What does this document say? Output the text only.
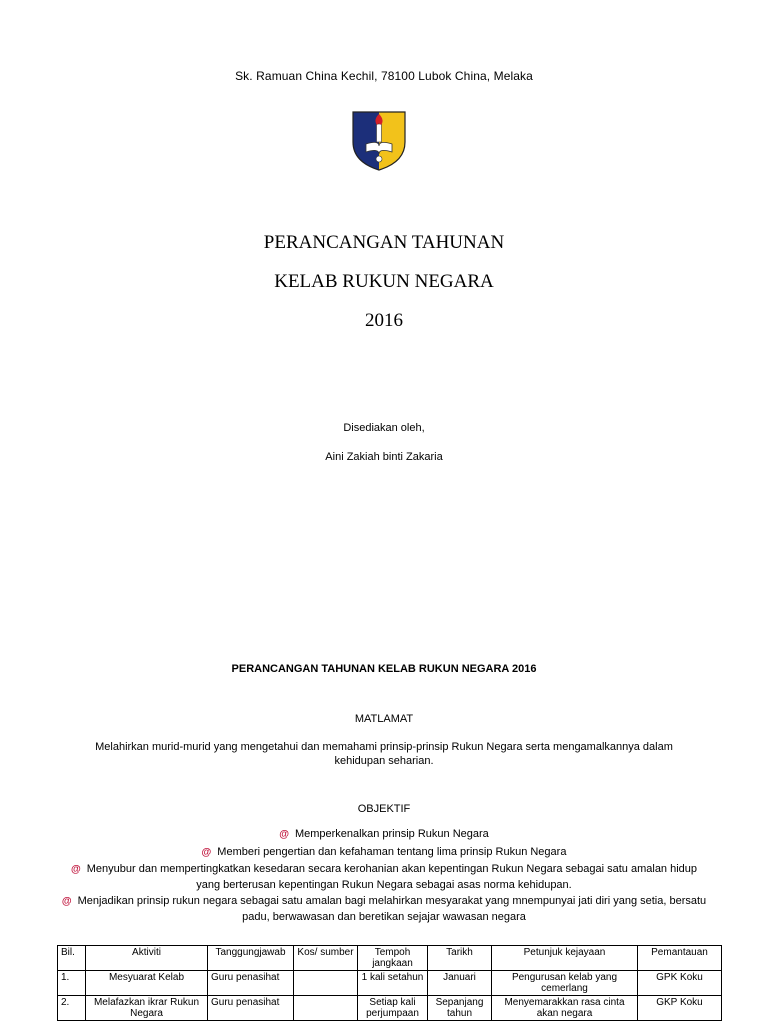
Sk. Ramuan China Kechil, 78100 Lubok China, Melaka
PERANCANGAN TAHUNAN
KELAB RUKUN NEGARA
2016
Disediakan oleh,
Aini Zakiah binti Zakaria
PERANCANGAN TAHUNAN KELAB RUKUN NEGARA 2016
MATLAMAT
Melahirkan murid-murid yang mengetahui dan memahami prinsip-prinsip Rukun Negara serta mengamalkannya dalam kehidupan seharian.
OBJEKTIF
@ Memperkenalkan prinsip Rukun Negara
@ Memberi pengertian dan kefahaman tentang lima prinsip Rukun Negara
@ Menyubur dan mempertingkatkan kesedaran secara kerohanian akan kepentingan Rukun Negara sebagai satu amalan hidup yang berterusan kepentingan Rukun Negara sebagai asas norma kehidupan.
@ Menjadikan prinsip rukun negara sebagai satu amalan bagi melahirkan mesyarakat yang mnempunyai jati diri yang setia, bersatu padu, berwawasan dan beretikan sejajar wawasan negara
Bil.	Aktiviti	Tanggungjawab	Kos/ sumber	Tempoh jangkaan	Tarikh	Petunjuk kejayaan	Pemantauan
1.	Mesyuarat Kelab	Guru penasihat		1 kali setahun	Januari	Pengurusan kelab yang cemerlang	GPK Koku
2.	Melafazkan ikrar Rukun Negara	Guru penasihat		Setiap kali perjumpaan	Sepanjang tahun	Menyemarakkan rasa cinta akan negara	GKP Koku
